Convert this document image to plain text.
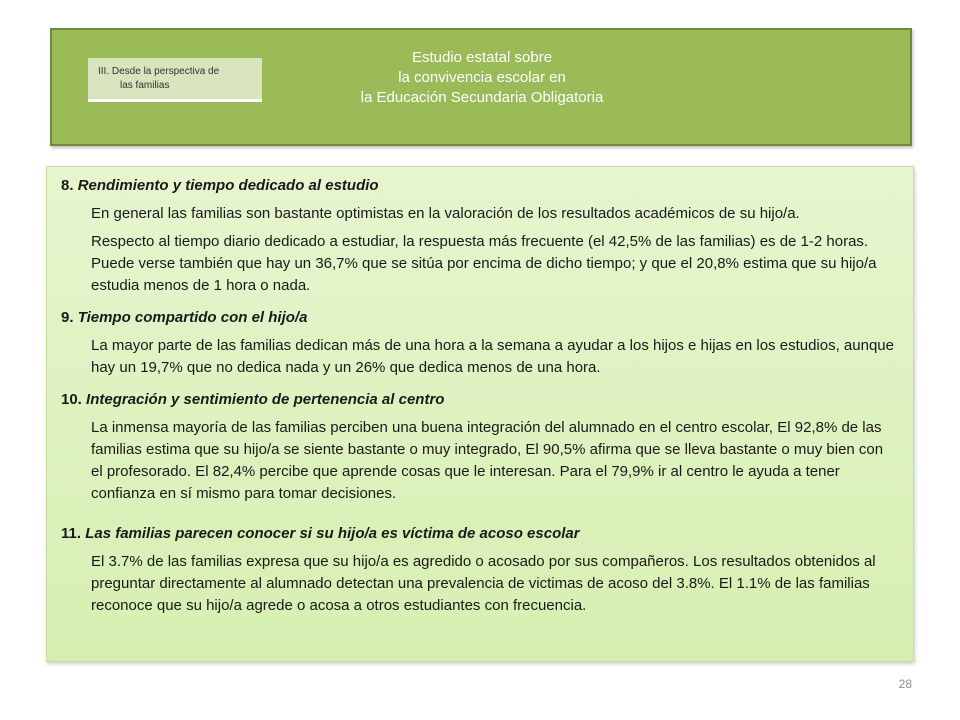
III. Desde la perspectiva de
las familias
Estudio estatal sobre
la convivencia escolar en
la Educación Secundaria Obligatoria

8. Rendimiento y tiempo dedicado al estudio

En general las familias son bastante optimistas en la valoración de los resultados académicos de su hijo/a.

Respecto al tiempo diario dedicado a estudiar, la respuesta más frecuente (el 42,5% de las familias) es de 1-2 horas. Puede verse también que hay un 36,7% que se sitúa por encima de dicho tiempo; y que el 20,8% estima que su hijo/a estudia menos de 1 hora o nada.

9. Tiempo compartido con el hijo/a

La mayor parte de las familias dedican más de una hora a la semana a ayudar a los hijos e hijas en los estudios, aunque hay un 19,7% que no dedica nada y un 26% que dedica menos de una hora.

10. Integración y sentimiento de pertenencia al centro

La inmensa mayoría de las familias perciben una buena integración del alumnado en el centro escolar, El 92,8% de las familias estima que su hijo/a se siente bastante o muy integrado, El 90,5% afirma que se lleva bastante o muy bien con el profesorado. El 82,4% percibe que aprende cosas que le interesan. Para el 79,9% ir al centro le ayuda a tener confianza en sí mismo para tomar decisiones.

11. Las familias parecen conocer si su hijo/a es víctima de acoso escolar

El 3.7% de las familias expresa que su hijo/a es agredido o acosado por sus compañeros. Los resultados obtenidos al preguntar directamente al alumnado detectan una prevalencia de victimas de acoso del 3.8%. El 1.1% de las familias reconoce que su hijo/a agrede o acosa a otros estudiantes con frecuencia.

28
